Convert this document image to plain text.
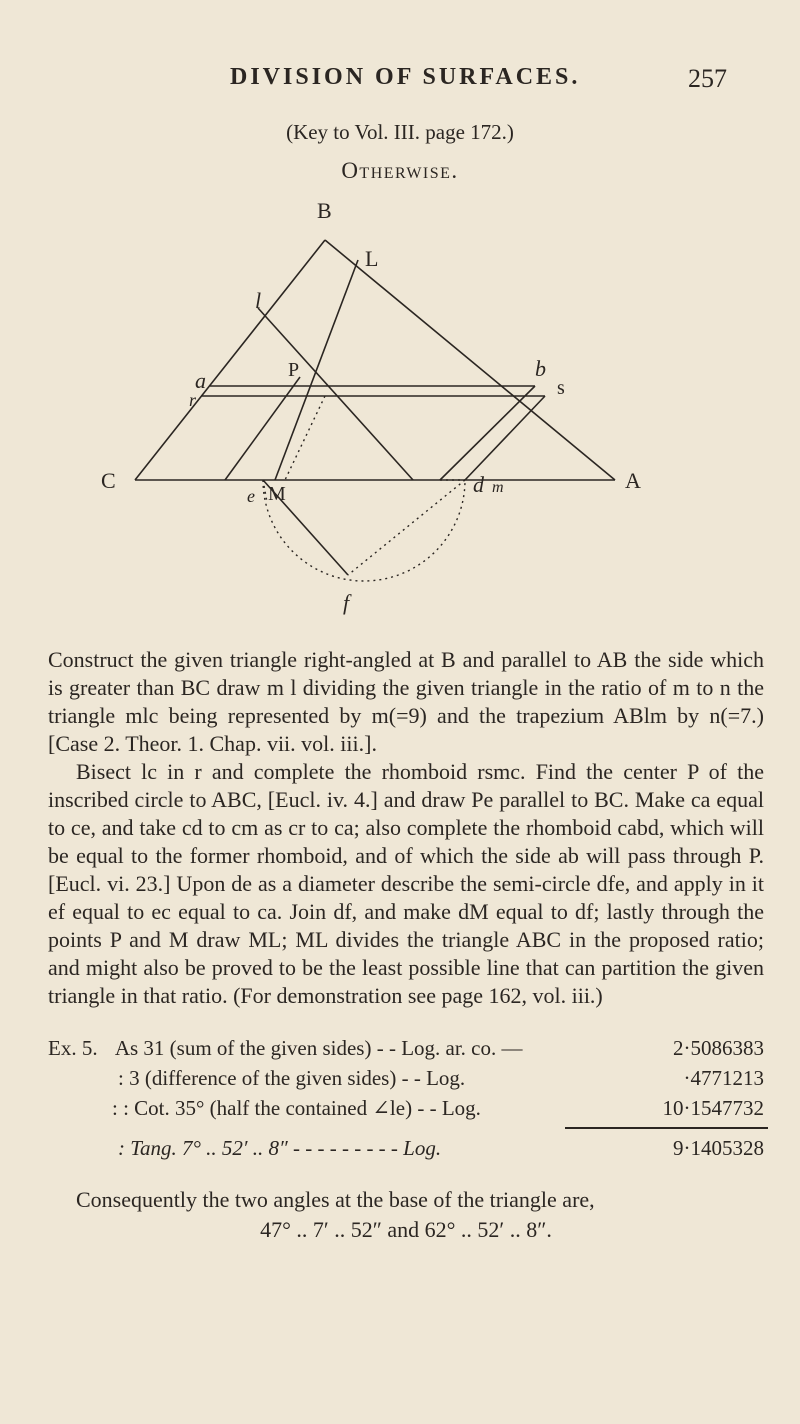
DIVISION OF SURFACES.	257
(Key to Vol. III. page 172.)
Otherwise.
B
L
l
a
r
P	b
s
C	A
e M	d m
f

Construct the given triangle right-angled at B and parallel to AB the side which is greater than BC draw m l dividing the given triangle in the ratio of m to n the triangle mlc being represented by m(=9) and the trapezium ABlm by n(=7.) [Case 2. Theor. 1. Chap. vii. vol. iii.].

Bisect lc in r and complete the rhomboid rsmc. Find the center P of the inscribed circle to ABC, [Eucl. iv. 4.] and draw Pe parallel to BC. Make ca equal to ce, and take cd to cm as cr to ca; also complete the rhomboid cabd, which will be equal to the former rhomboid, and of which the side ab will pass through P. [Eucl. vi. 23.] Upon de as a diameter describe the semi-circle dfe, and apply in it ef equal to ec equal to ca. Join df, and make dM equal to df; lastly through the points P and M draw ML; ML divides the triangle ABC in the proposed ratio; and might also be proved to be the least possible line that can partition the given triangle in that ratio. (For demonstration see page 162, vol. iii.)

Ex. 5. As 31 (sum of the given sides) - - Log. ar. co. —	2·5086383
: 3 (difference of the given sides) - - Log.	·4771213
: : Cot. 35° (half the contained ∠le) - - Log.	10·1547732
: Tang. 7° .. 52′ .. 8″ - - - - - - - - - Log.	9·1405328
Consequently the two angles at the base of the triangle are,
47° .. 7′ .. 52″ and 62° .. 52′ .. 8″.
